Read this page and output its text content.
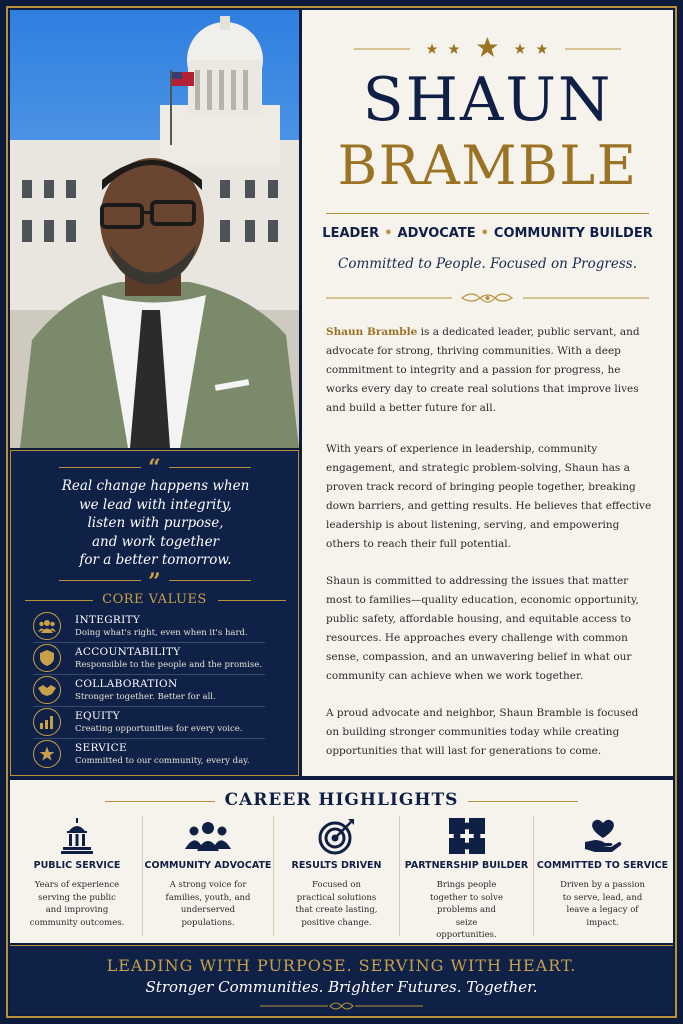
“
Real change happens when
we lead with integrity,
listen with purpose,
and work together
for a better tomorrow.
”
CORE VALUES
INTEGRITY
Doing what's right, even when it's hard.
ACCOUNTABILITY
Responsible to the people and the promise.
COLLABORATION
Stronger together. Better for all.
EQUITY
Creating opportunities for every voice.
SERVICE
Committed to our community, every day.
SHAUN
BRAMBLE
LEADER • ADVOCATE • COMMUNITY BUILDER
Committed to People. Focused on Progress.
Shaun Bramble is a dedicated leader, public servant, and advocate for strong, thriving communities. With a deep commitment to integrity and a passion for progress, he works every day to create real solutions that improve lives and build a better future for all.
With years of experience in leadership, community engagement, and strategic problem-solving, Shaun has a proven track record of bringing people together, breaking down barriers, and getting results. He believes that effective leadership is about listening, serving, and empowering others to reach their full potential.
Shaun is committed to addressing the issues that matter most to families—quality education, economic opportunity, public safety, affordable housing, and equitable access to resources. He approaches every challenge with common sense, compassion, and an unwavering belief in what our community can achieve when we work together.
A proud advocate and neighbor, Shaun Bramble is focused on building stronger communities today while creating opportunities that will last for generations to come.
CAREER HIGHLIGHTS
PUBLIC SERVICE
Years of experience serving the public and improving community outcomes.
COMMUNITY ADVOCATE
A strong voice for families, youth, and underserved populations.
RESULTS DRIVEN
Focused on practical solutions that create lasting, positive change.
PARTNERSHIP BUILDER
Brings people together to solve problems and seize opportunities.
COMMITTED TO SERVICE
Driven by a passion to serve, lead, and leave a legacy of impact.
LEADING WITH PURPOSE. SERVING WITH HEART.
Stronger Communities. Brighter Futures. Together.
